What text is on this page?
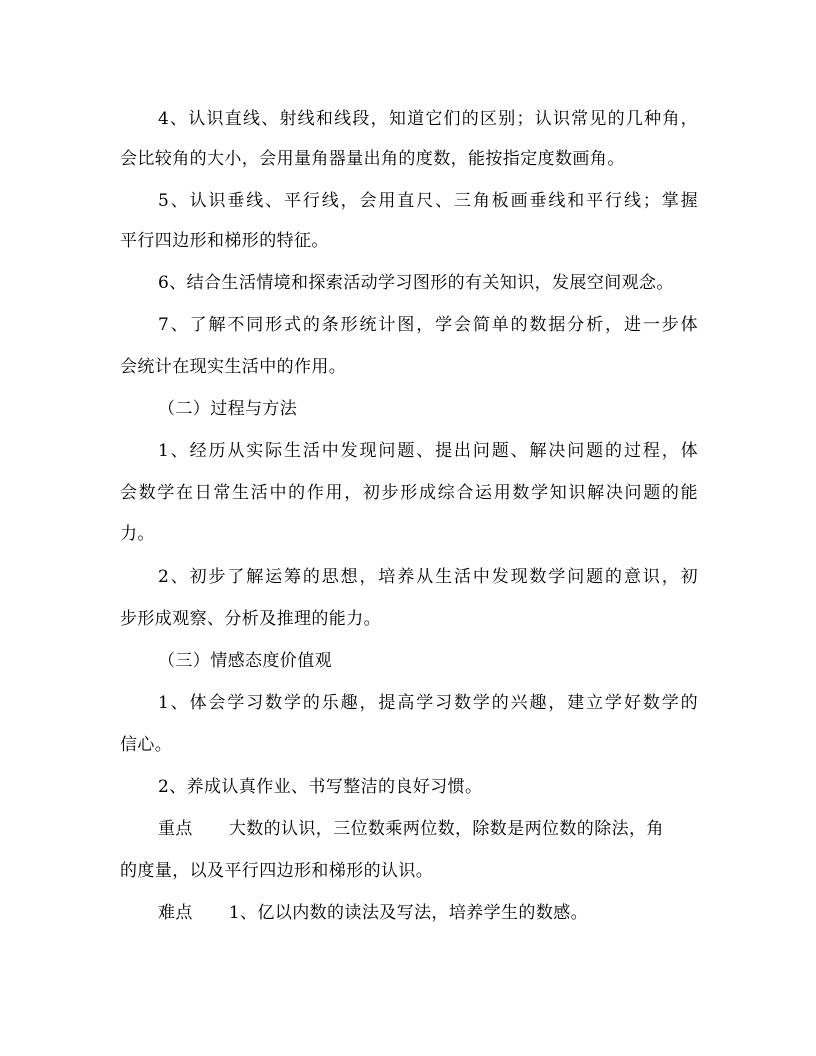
4、认识直线、射线和线段，知道它们的区别；认识常见的几种角，
会比较角的大小，会用量角器量出角的度数，能按指定度数画角。
5、认识垂线、平行线，会用直尺、三角板画垂线和平行线；掌握
平行四边形和梯形的特征。
6、结合生活情境和探索活动学习图形的有关知识，发展空间观念。
7、了解不同形式的条形统计图，学会简单的数据分析，进一步体
会统计在现实生活中的作用。
（二）过程与方法
1、经历从实际生活中发现问题、提出问题、解决问题的过程，体
会数学在日常生活中的作用，初步形成综合运用数学知识解决问题的能
力。
2、初步了解运筹的思想，培养从生活中发现数学问题的意识，初
步形成观察、分析及推理的能力。
（三）情感态度价值观
1、体会学习数学的乐趣，提高学习数学的兴趣，建立学好数学的
信心。
2、养成认真作业、书写整洁的良好习惯。
重点 大数的认识，三位数乘两位数，除数是两位数的除法，角
的度量，以及平行四边形和梯形的认识。
难点 1、亿以内数的读法及写法，培养学生的数感。
